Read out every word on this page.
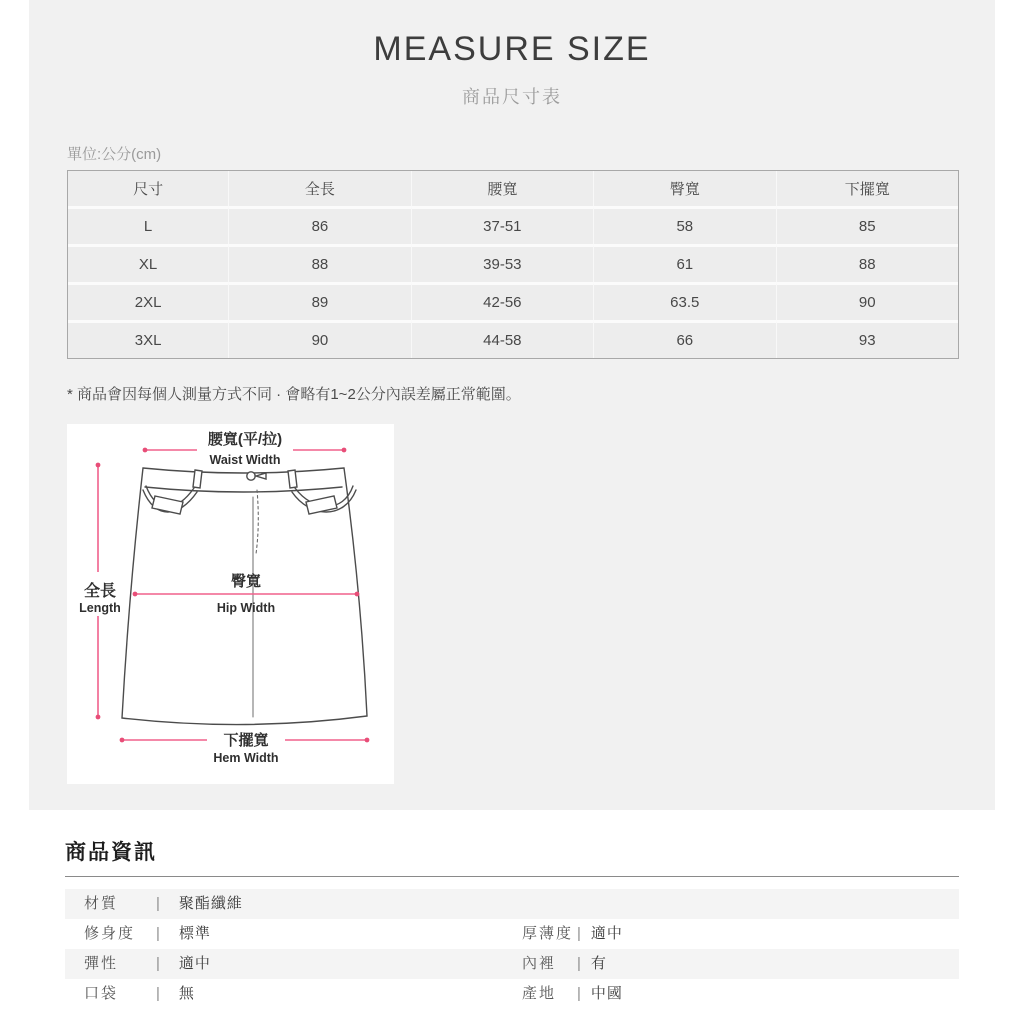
MEASURE SIZE
商品尺寸表
單位:公分(cm)
尺寸	全長	腰寬	臀寬	下擺寬
L	86	37-51	58	85
XL	88	39-53	61	88
2XL	89	42-56	63.5	90
3XL	90	44-58	66	93
* 商品會因每個人測量方式不同 · 會略有1~2公分內誤差屬正常範圍。
腰寬(平/拉)
Waist Width
全長
Length
臀寬
Hip Width
下擺寬
Hem Width
商品資訊
材質	| 聚酯纖維
修身度	| 標準	厚薄度 | 適中
彈性	| 適中	內裡	| 有
口袋	| 無	產地	| 中國
